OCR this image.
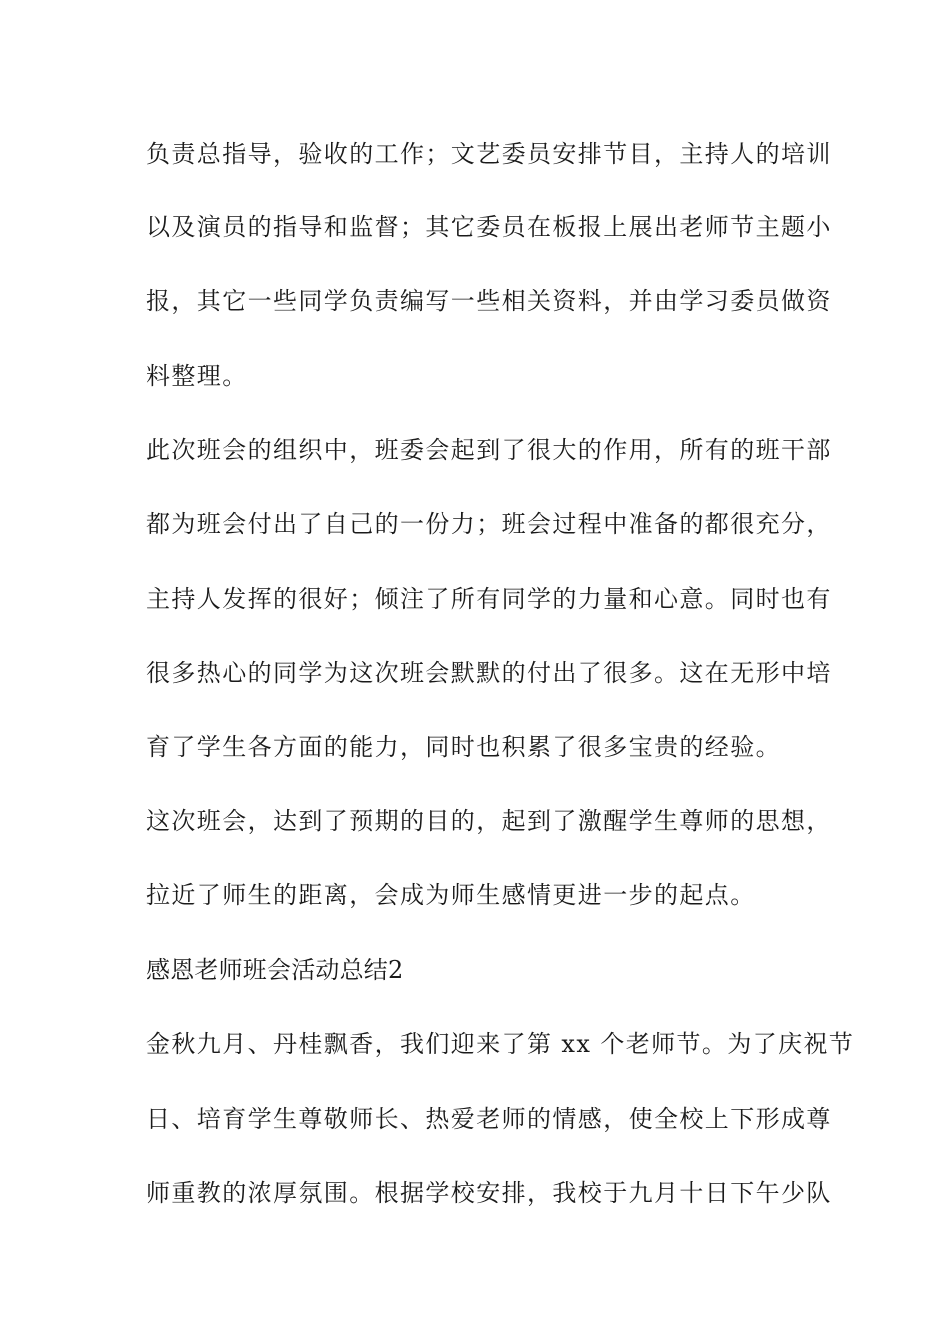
负责总指导，验收的工作；文艺委员安排节目，主持人的培训
以及演员的指导和监督；其它委员在板报上展出老师节主题小
报，其它一些同学负责编写一些相关资料，并由学习委员做资
料整理。
此次班会的组织中，班委会起到了很大的作用，所有的班干部
都为班会付出了自己的一份力；班会过程中准备的都很充分，
主持人发挥的很好；倾注了所有同学的力量和心意。同时也有
很多热心的同学为这次班会默默的付出了很多。这在无形中培
育了学生各方面的能力，同时也积累了很多宝贵的经验。
这次班会，达到了预期的目的，起到了激醒学生尊师的思想，
拉近了师生的距离，会成为师生感情更进一步的起点。
感恩老师班会活动总结2
金秋九月、丹桂飘香，我们迎来了第 xx 个老师节。为了庆祝节
日、培育学生尊敬师长、热爱老师的情感，使全校上下形成尊
师重教的浓厚氛围。根据学校安排，我校于九月十日下午少队
